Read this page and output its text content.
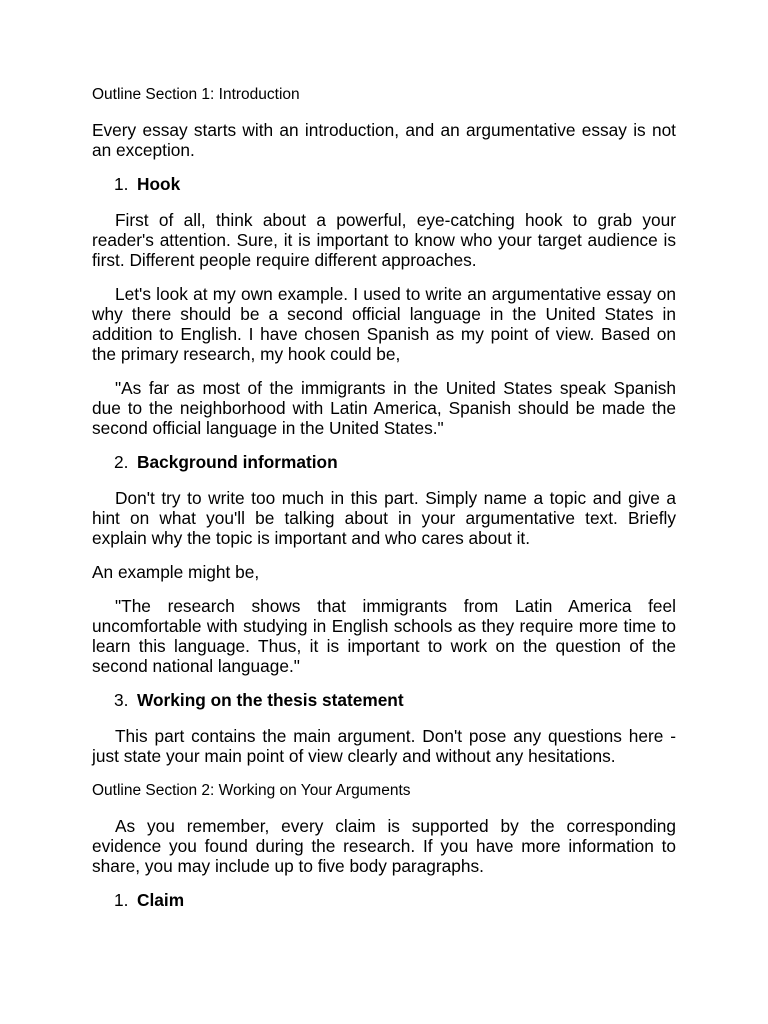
Outline Section 1: Introduction

Every essay starts with an introduction, and an argumentative essay is not an exception.

1. Hook

First of all, think about a powerful, eye-catching hook to grab your reader's attention. Sure, it is important to know who your target audience is first. Different people require different approaches.

Let's look at my own example. I used to write an argumentative essay on why there should be a second official language in the United States in addition to English. I have chosen Spanish as my point of view. Based on the primary research, my hook could be,

"As far as most of the immigrants in the United States speak Spanish due to the neighborhood with Latin America, Spanish should be made the second official language in the United States."

2. Background information

Don't try to write too much in this part. Simply name a topic and give a hint on what you'll be talking about in your argumentative text. Briefly explain why the topic is important and who cares about it.

An example might be,

"The research shows that immigrants from Latin America feel uncomfortable with studying in English schools as they require more time to learn this language. Thus, it is important to work on the question of the second national language."

3. Working on the thesis statement

This part contains the main argument. Don't pose any questions here - just state your main point of view clearly and without any hesitations.

Outline Section 2: Working on Your Arguments

As you remember, every claim is supported by the corresponding evidence you found during the research. If you have more information to share, you may include up to five body paragraphs.

1. Claim
